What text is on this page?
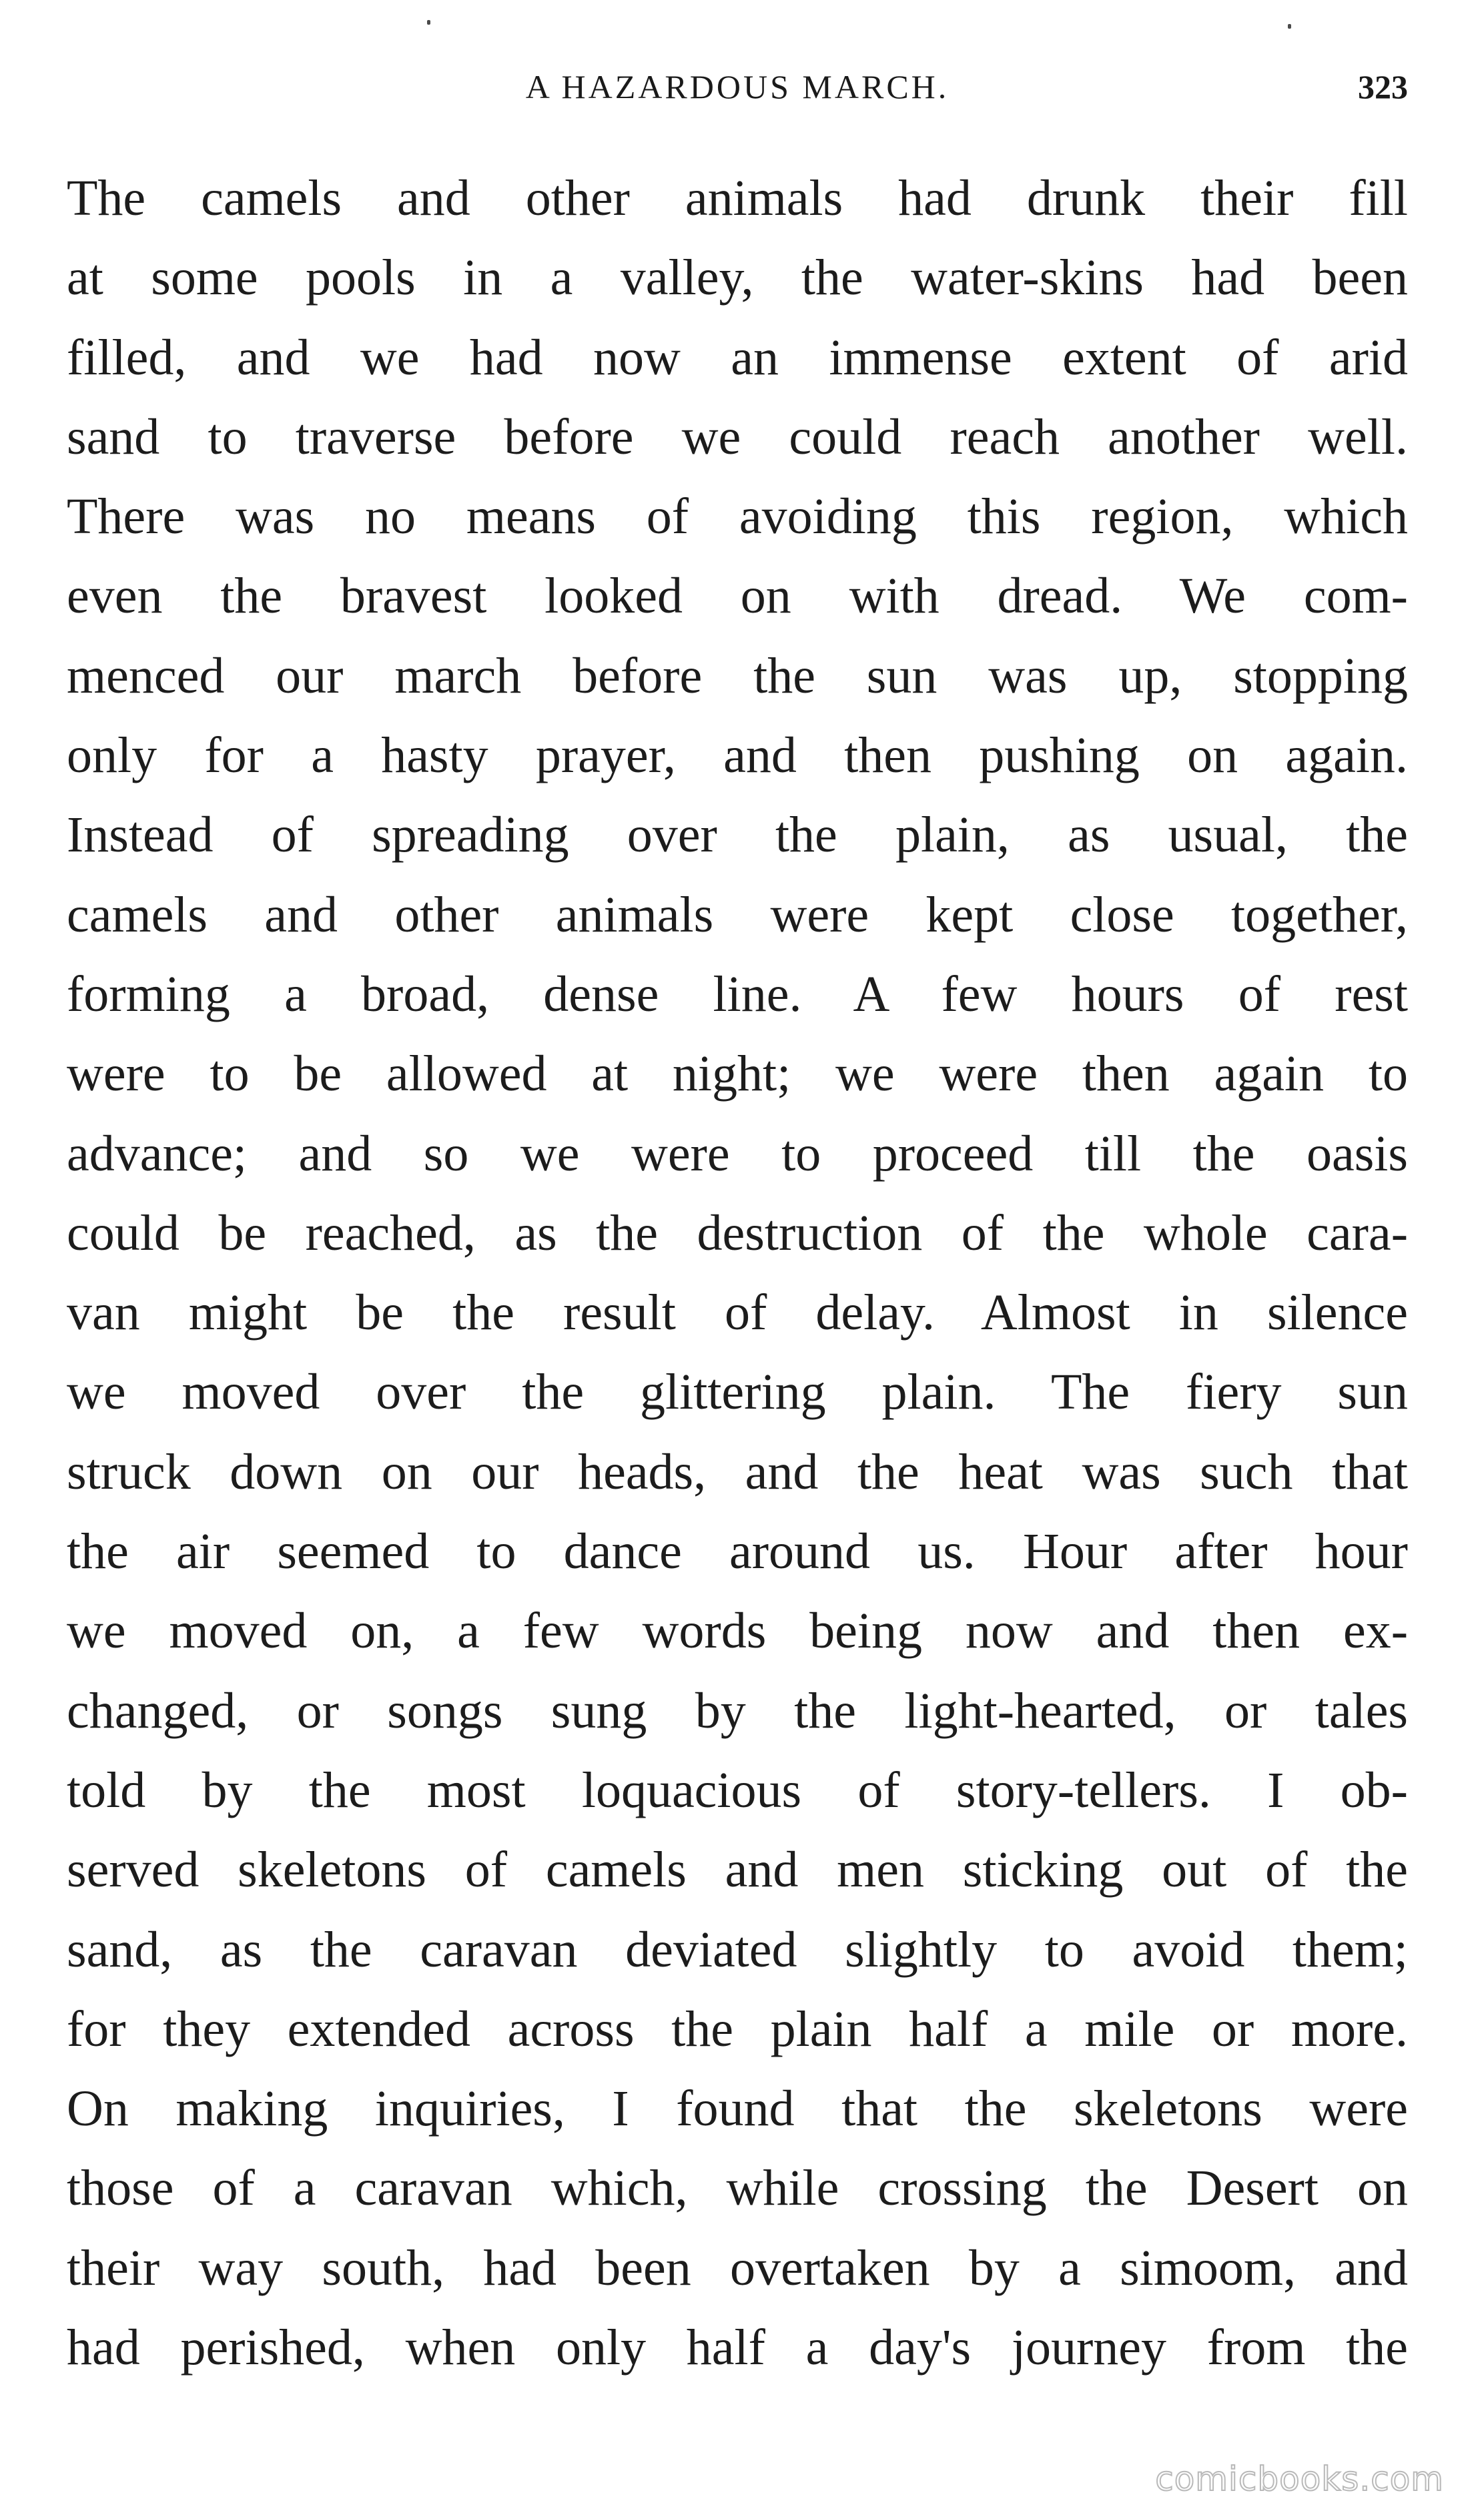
A HAZARDOUS MARCH.	323
The camels and other animals had drunk their fill
at some pools in a valley, the water-skins had been
filled, and we had now an immense extent of arid
sand to traverse before we could reach another well.
There was no means of avoiding this region, which
even the bravest looked on with dread. We com-
menced our march before the sun was up, stopping
only for a hasty prayer, and then pushing on again.
Instead of spreading over the plain, as usual, the
camels and other animals were kept close together,
forming a broad, dense line. A few hours of rest
were to be allowed at night; we were then again to
advance; and so we were to proceed till the oasis
could be reached, as the destruction of the whole cara-
van might be the result of delay. Almost in silence
we moved over the glittering plain. The fiery sun
struck down on our heads, and the heat was such that
the air seemed to dance around us. Hour after hour
we moved on, a few words being now and then ex-
changed, or songs sung by the light-hearted, or tales
told by the most loquacious of story-tellers. I ob-
served skeletons of camels and men sticking out of the
sand, as the caravan deviated slightly to avoid them;
for they extended across the plain half a mile or more.
On making inquiries, I found that the skeletons were
those of a caravan which, while crossing the Desert on
their way south, had been overtaken by a simoom, and
had perished, when only half a day's journey from the
comicbooks.com
